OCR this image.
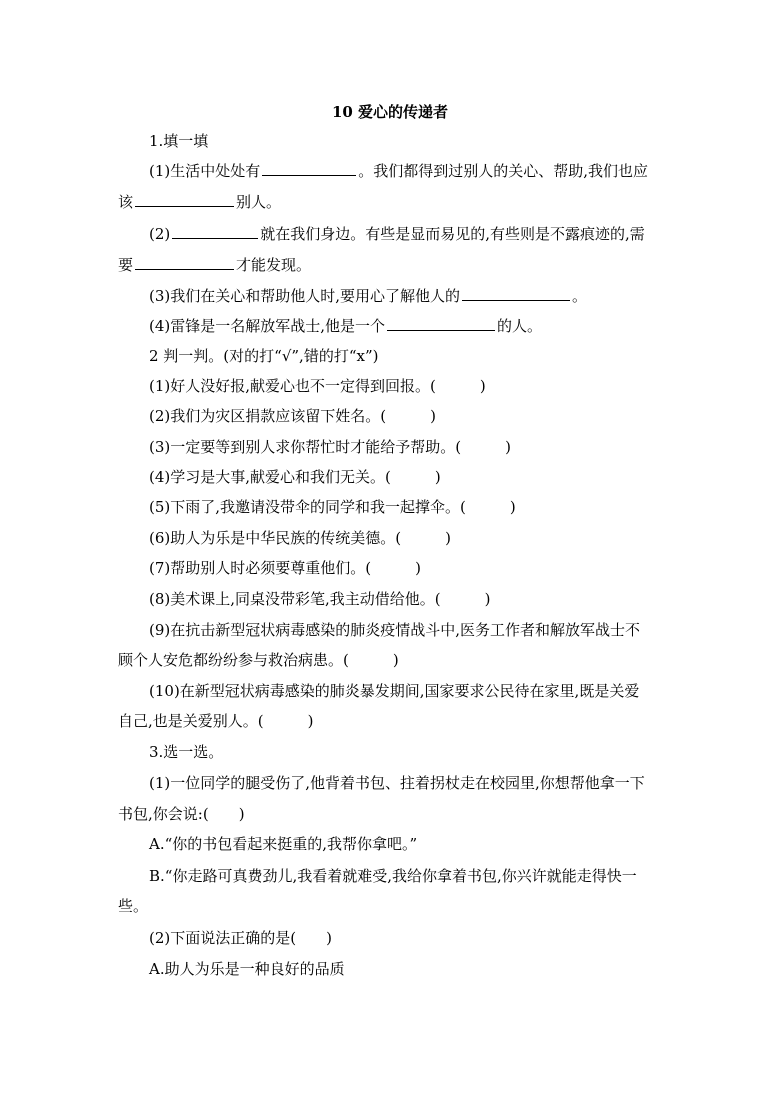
10 爱心的传递者
1.填一填
(1)生活中处处有	。我们都得到过别人的关心、帮助,我们也应
该	别人。
(2)	就在我们身边。有些是显而易见的,有些则是不露痕迹的,需
要	才能发现。
(3)我们在关心和帮助他人时,要用心了解他人的	。
(4)雷锋是一名解放军战士,他是一个	的人。
2 判一判。(对的打“√”,错的打“x”)
(1)好人没好报,献爱心也不一定得到回报。(	)
(2)我们为灾区捐款应该留下姓名。(	)
(3)一定要等到别人求你帮忙时才能给予帮助。(	)
(4)学习是大事,献爱心和我们无关。(	)
(5)下雨了,我邀请没带伞的同学和我一起撑伞。(	)
(6)助人为乐是中华民族的传统美德。(	)
(7)帮助别人时必须要尊重他们。(	)
(8)美术课上,同桌没带彩笔,我主动借给他。(	)
(9)在抗击新型冠状病毒感染的肺炎疫情战斗中,医务工作者和解放军战士不
顾个人安危都纷纷参与救治病患。(	)
(10)在新型冠状病毒感染的肺炎暴发期间,国家要求公民待在家里,既是关爱
自己,也是关爱别人。(	)
3.选一选。
(1)一位同学的腿受伤了,他背着书包、拄着拐杖走在校园里,你想帮他拿一下
书包,你会说:( )
A.“你的书包看起来挺重的,我帮你拿吧。”
B.“你走路可真费劲儿,我看着就难受,我给你拿着书包,你兴许就能走得快一
些。
(2)下面说法正确的是( )
A.助人为乐是一种良好的品质
